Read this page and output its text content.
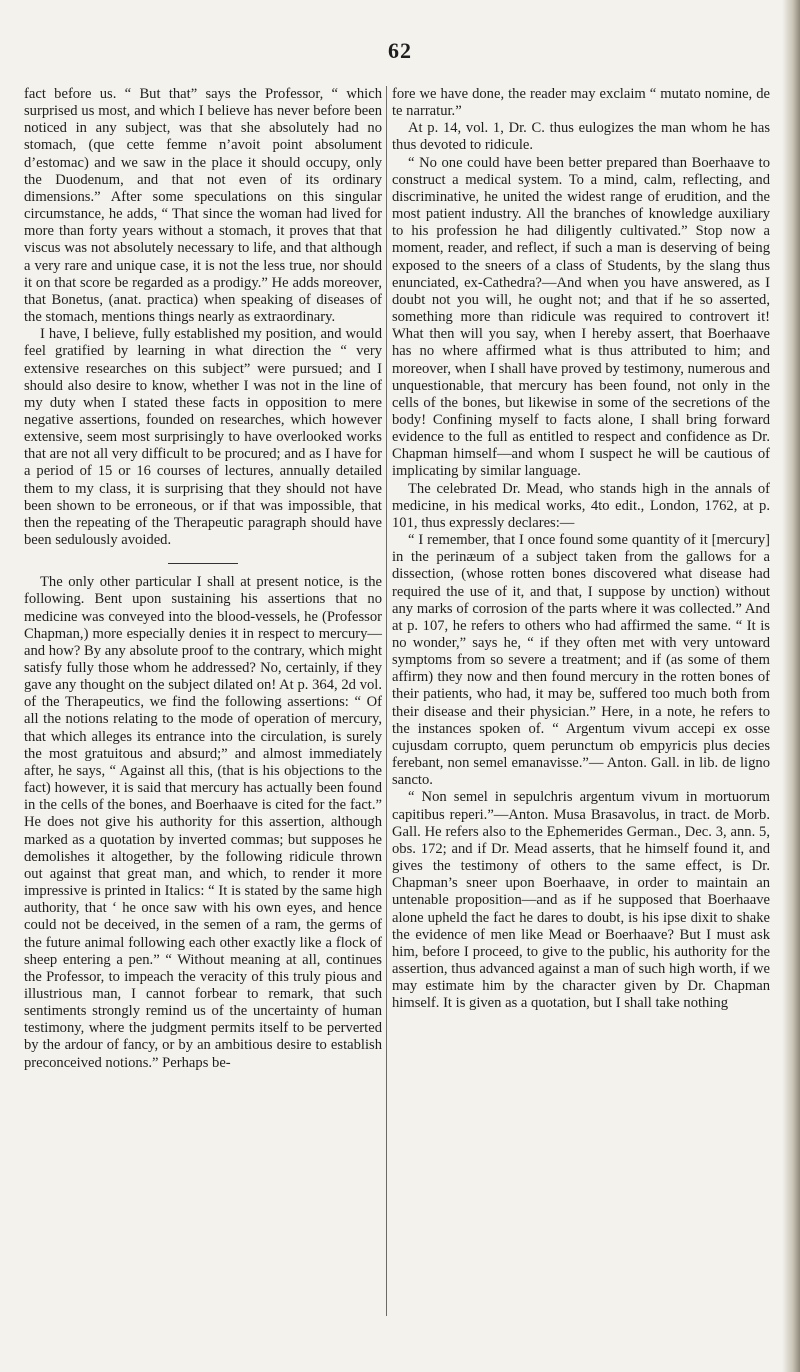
62

fact before us. “ But that” says the Professor, “ which surprised us most, and which I believe has never before been noticed in any subject, was that she absolutely had no stomach, (que cette femme n’avoit point absolument d’estomac) and we saw in the place it should occupy, only the Duodenum, and that not even of its ordinary dimensions.” After some speculations on this singular circumstance, he adds, “ That since the woman had lived for more than forty years without a stomach, it proves that that viscus was not absolutely necessary to life, and that although a very rare and unique case, it is not the less true, nor should it on that score be regarded as a prodigy.” He adds moreover, that Bonetus, (anat. practica) when speaking of diseases of the stomach, mentions things nearly as extraordinary.

I have, I believe, fully established my position, and would feel gratified by learning in what direction the “ very extensive researches on this subject” were pursued; and I should also desire to know, whether I was not in the line of my duty when I stated these facts in opposition to mere negative assertions, founded on researches, which however extensive, seem most surprisingly to have overlooked works that are not all very difficult to be procured; and as I have for a period of 15 or 16 courses of lectures, annually detailed them to my class, it is surprising that they should not have been shown to be erroneous, or if that was impossible, that then the repeating of the Therapeutic paragraph should have been sedulously avoided.

The only other particular I shall at present notice, is the following. Bent upon sustaining his assertions that no medicine was conveyed into the blood-vessels, he (Professor Chapman,) more especially denies it in respect to mercury—and how? By any absolute proof to the contrary, which might satisfy fully those whom he addressed? No, certainly, if they gave any thought on the subject dilated on! At p. 364, 2d vol. of the Therapeutics, we find the following assertions: “ Of all the notions relating to the mode of operation of mercury, that which alleges its entrance into the circulation, is surely the most gratuitous and absurd;” and almost immediately after, he says, “ Against all this, (that is his objections to the fact) however, it is said that mercury has actually been found in the cells of the bones, and Boerhaave is cited for the fact.” He does not give his authority for this assertion, although marked as a quotation by inverted commas; but supposes he demolishes it altogether, by the following ridicule thrown out against that great man, and which, to render it more impressive is printed in Italics: “ It is stated by the same high authority, that ‘ he once saw with his own eyes, and hence could not be deceived, in the semen of a ram, the germs of the future animal following each other exactly like a flock of sheep entering a pen.” “ Without meaning at all, continues the Professor, to impeach the veracity of this truly pious and illustrious man, I cannot forbear to remark, that such sentiments strongly remind us of the uncertainty of human testimony, where the judgment permits itself to be perverted by the ardour of fancy, or by an ambitious desire to establish preconceived notions.” Perhaps be-

fore we have done, the reader may exclaim “ mutato nomine, de te narratur.”

At p. 14, vol. 1, Dr. C. thus eulogizes the man whom he has thus devoted to ridicule.

“ No one could have been better prepared than Boerhaave to construct a medical system. To a mind, calm, reflecting, and discriminative, he united the widest range of erudition, and the most patient industry. All the branches of knowledge auxiliary to his profession he had diligently cultivated.” Stop now a moment, reader, and reflect, if such a man is deserving of being exposed to the sneers of a class of Students, by the slang thus enunciated, ex-Cathedra?—And when you have answered, as I doubt not you will, he ought not; and that if he so asserted, something more than ridicule was required to controvert it! What then will you say, when I hereby assert, that Boerhaave has no where affirmed what is thus attributed to him; and moreover, when I shall have proved by testimony, numerous and unquestionable, that mercury has been found, not only in the cells of the bones, but likewise in some of the secretions of the body! Confining myself to facts alone, I shall bring forward evidence to the full as entitled to respect and confidence as Dr. Chapman himself—and whom I suspect he will be cautious of implicating by similar language.

The celebrated Dr. Mead, who stands high in the annals of medicine, in his medical works, 4to edit., London, 1762, at p. 101, thus expressly declares:—

“ I remember, that I once found some quantity of it [mercury] in the perinæum of a subject taken from the gallows for a dissection, (whose rotten bones discovered what disease had required the use of it, and that, I suppose by unction) without any marks of corrosion of the parts where it was collected.” And at p. 107, he refers to others who had affirmed the same. “ It is no wonder,” says he, “ if they often met with very untoward symptoms from so severe a treatment; and if (as some of them affirm) they now and then found mercury in the rotten bones of their patients, who had, it may be, suffered too much both from their disease and their physician.” Here, in a note, he refers to the instances spoken of. “ Argentum vivum accepi ex osse cujusdam corrupto, quem perunctum ob empyricis plus decies ferebant, non semel emanavisse.”— Anton. Gall. in lib. de ligno sancto.

“ Non semel in sepulchris argentum vivum in mortuorum capitibus reperi.”—Anton. Musa Brasavolus, in tract. de Morb. Gall. He refers also to the Ephemerides German., Dec. 3, ann. 5, obs. 172; and if Dr. Mead asserts, that he himself found it, and gives the testimony of others to the same effect, is Dr. Chapman’s sneer upon Boerhaave, in order to maintain an untenable proposition—and as if he supposed that Boerhaave alone upheld the fact he dares to doubt, is his ipse dixit to shake the evidence of men like Mead or Boerhaave? But I must ask him, before I proceed, to give to the public, his authority for the assertion, thus advanced against a man of such high worth, if we may estimate him by the character given by Dr. Chapman himself. It is given as a quotation, but I shall take nothing
